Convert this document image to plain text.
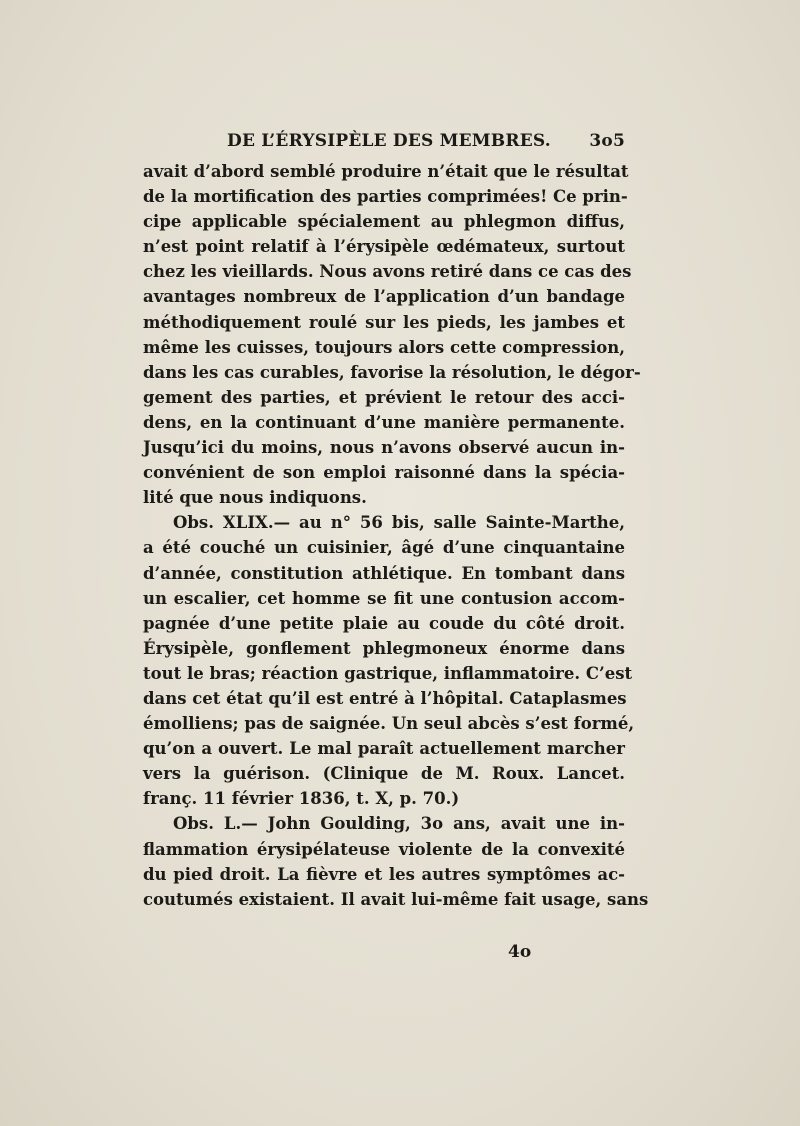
DE L’ÉRYSIPÈLE DES MEMBRES. 3o5
avait d’abord semblé produire n’était que le résultat
de la mortification des parties comprimées! Ce prin-
cipe applicable spécialement au phlegmon diffus,
n’est point relatif à l’érysipèle œdémateux, surtout
chez les vieillards. Nous avons retiré dans ce cas des
avantages nombreux de l’application d’un bandage
méthodiquement roulé sur les pieds, les jambes et
même les cuisses, toujours alors cette compression,
dans les cas curables, favorise la résolution, le dégor-
gement des parties, et prévient le retour des acci-
dens, en la continuant d’une manière permanente.
Jusqu’ici du moins, nous n’avons observé aucun in-
convénient de son emploi raisonné dans la spécia-
lité que nous indiquons.
Obs. XLIX.— au n° 56 bis, salle Sainte-Marthe,
a été couché un cuisinier, âgé d’une cinquantaine
d’année, constitution athlétique. En tombant dans
un escalier, cet homme se fit une contusion accom-
pagnée d’une petite plaie au coude du côté droit.
Érysipèle, gonflement phlegmoneux énorme dans
tout le bras; réaction gastrique, inflammatoire. C’est
dans cet état qu’il est entré à l’hôpital. Cataplasmes
émolliens; pas de saignée. Un seul abcès s’est formé,
qu’on a ouvert. Le mal paraît actuellement marcher
vers la guérison. (Clinique de M. Roux. Lancet.
franç. 11 février 1836, t. X, p. 70.)
Obs. L.— John Goulding, 3o ans, avait une in-
flammation érysipélateuse violente de la convexité
du pied droit. La fièvre et les autres symptômes ac-
coutumés existaient. Il avait lui-même fait usage, sans
4o
